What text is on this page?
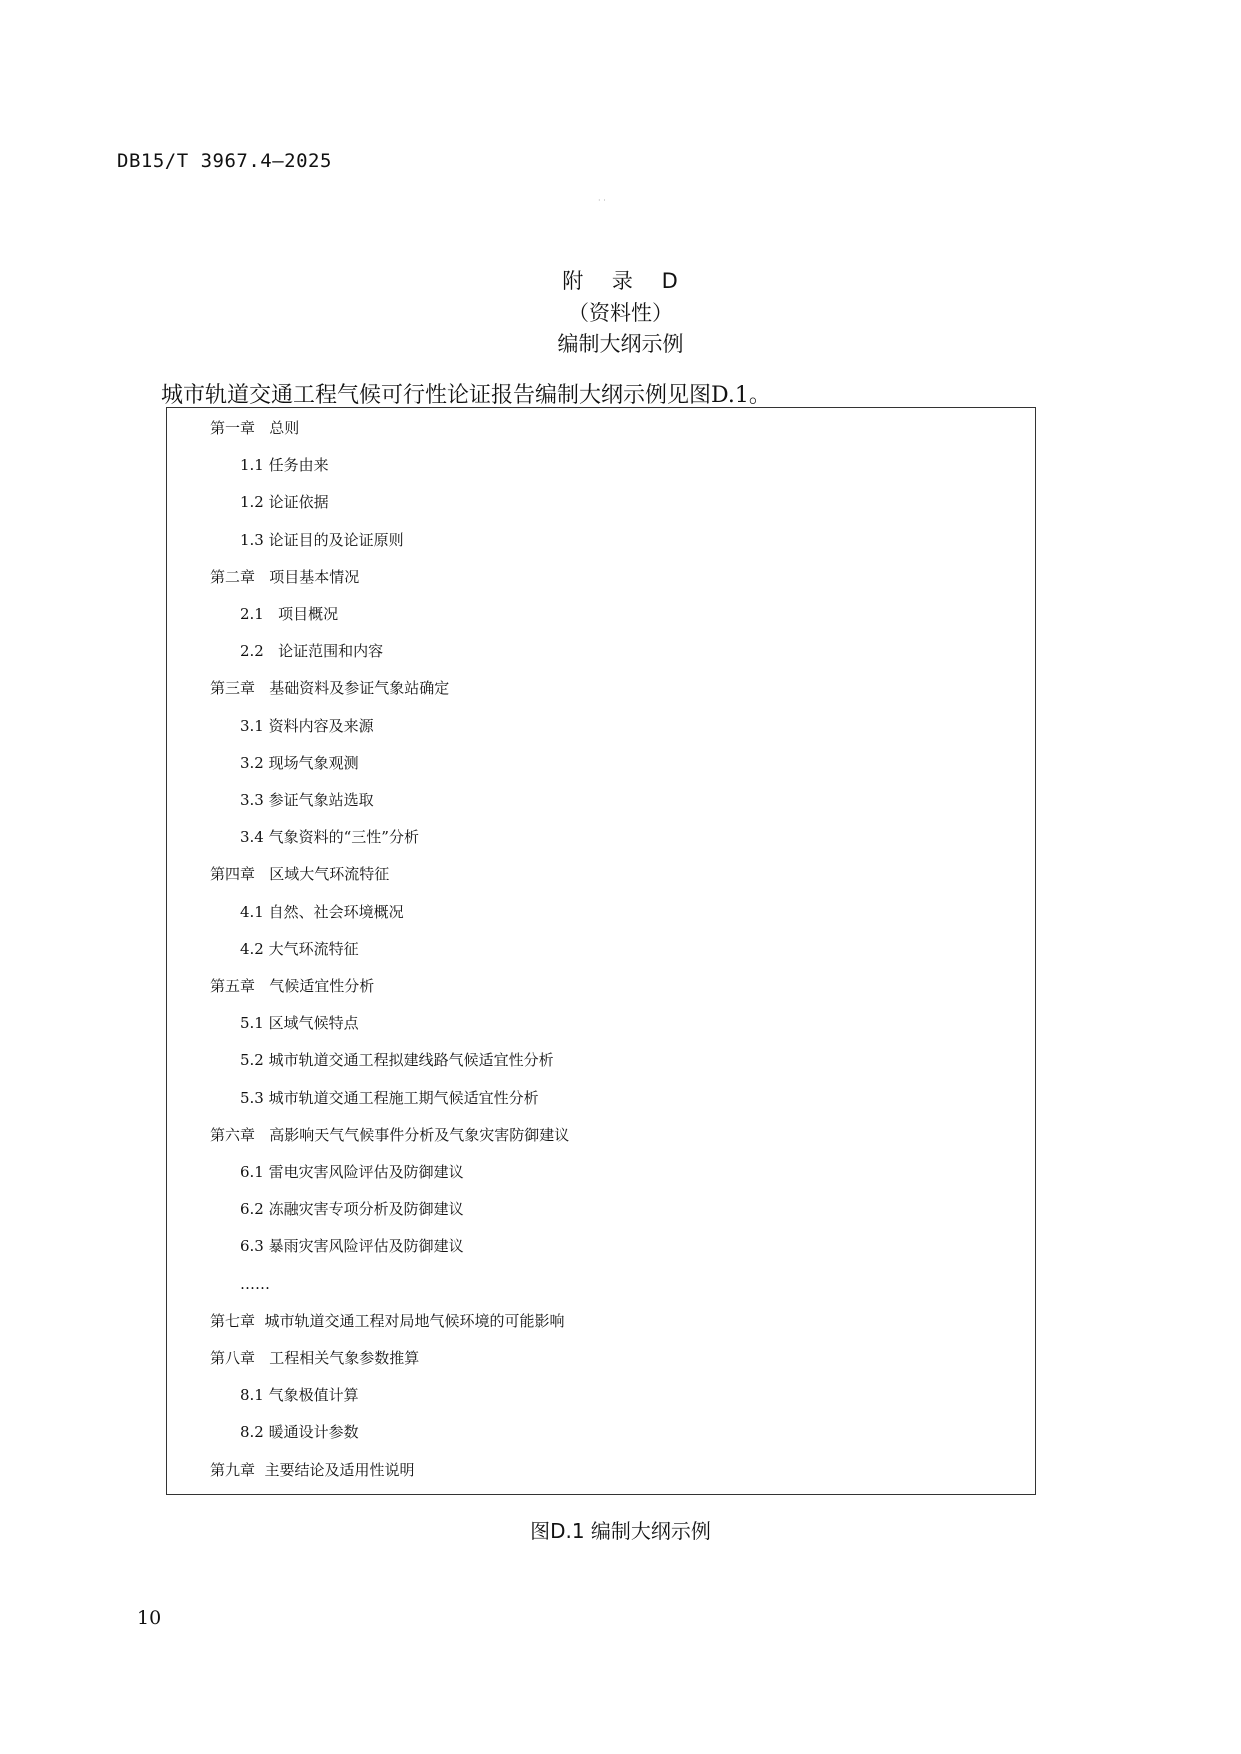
DB15/T 3967.4—2025
· ·
附 录 D
（资料性）
编制大纲示例
城市轨道交通工程气候可行性论证报告编制大纲示例见图D.1。
第一章   总则
1.1 任务由来
1.2 论证依据
1.3 论证目的及论证原则
第二章   项目基本情况
2.1   项目概况
2.2   论证范围和内容
第三章   基础资料及参证气象站确定
3.1 资料内容及来源
3.2 现场气象观测
3.3 参证气象站选取
3.4 气象资料的“三性”分析
第四章   区域大气环流特征
4.1 自然、社会环境概况
4.2 大气环流特征
第五章   气候适宜性分析
5.1 区域气候特点
5.2 城市轨道交通工程拟建线路气候适宜性分析
5.3 城市轨道交通工程施工期气候适宜性分析
第六章   高影响天气气候事件分析及气象灾害防御建议
6.1 雷电灾害风险评估及防御建议
6.2 冻融灾害专项分析及防御建议
6.3 暴雨灾害风险评估及防御建议
……
第七章  城市轨道交通工程对局地气候环境的可能影响
第八章   工程相关气象参数推算
8.1 气象极值计算
8.2 暖通设计参数
第九章  主要结论及适用性说明
图D.1 编制大纲示例
10
